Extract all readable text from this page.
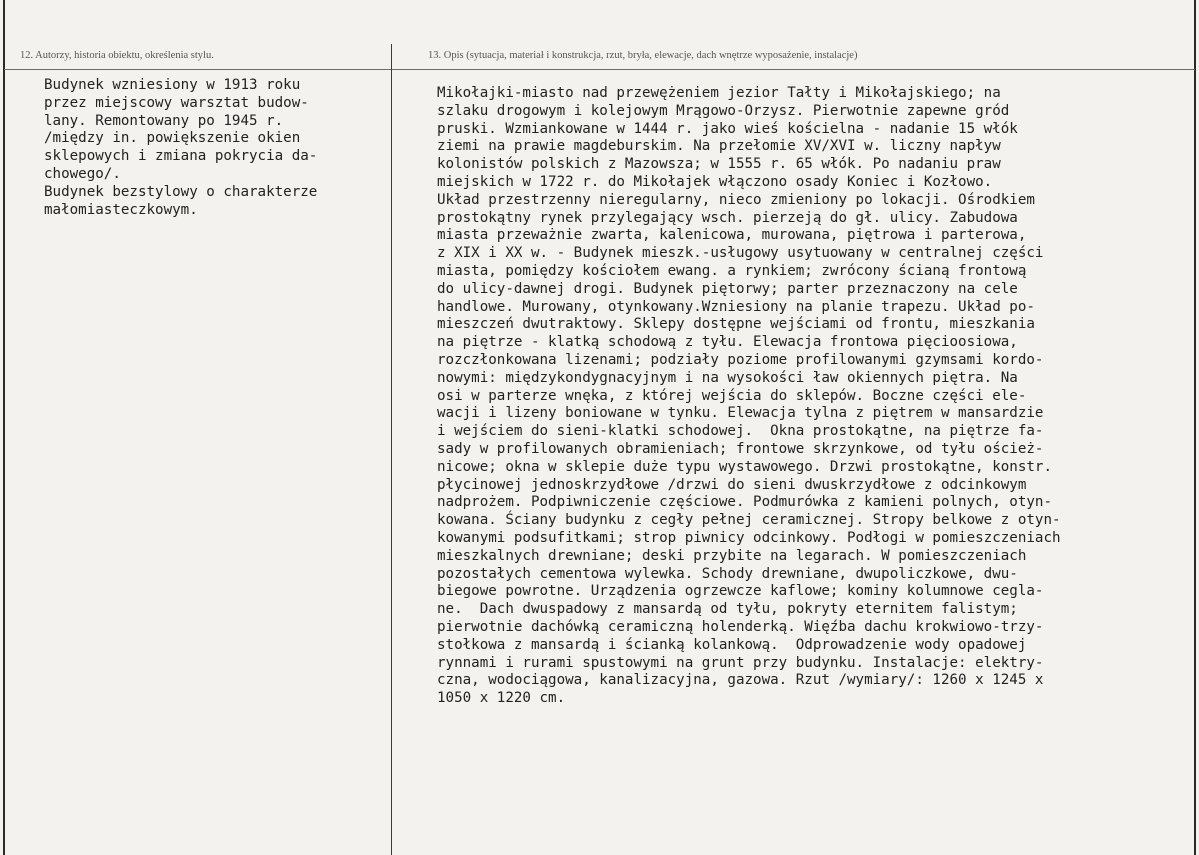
12. Autorzy, historia obiektu, określenia stylu.	13. Opis (sytuacja, materiał i konstrukcja, rzut, bryła, elewacje, dach wnętrze wyposażenie, instalacje)

Budynek wzniesiony w 1913 roku
przez miejscowy warsztat budow-
lany. Remontowany po 1945 r.
/między in. powiększenie okien
sklepowych i zmiana pokrycia da-
chowego/.
Budynek bezstylowy o charakterze
małomiasteczkowym.
Mikołajki-miasto nad przewężeniem jezior Tałty i Mikołajskiego; na
szlaku drogowym i kolejowym Mrągowo-Orzysz. Pierwotnie zapewne gród
pruski. Wzmiankowane w 1444 r. jako wieś kościelna - nadanie 15 włók
ziemi na prawie magdeburskim. Na przełomie XV/XVI w. liczny napływ
kolonistów polskich z Mazowsza; w 1555 r. 65 włók. Po nadaniu praw
miejskich w 1722 r. do Mikołajek włączono osady Koniec i Kozłowo.
Układ przestrzenny nieregularny, nieco zmieniony po lokacji. Ośrodkiem
prostokątny rynek przylegający wsch. pierzeją do gł. ulicy. Zabudowa
miasta przeważnie zwarta, kalenicowa, murowana, piętrowa i parterowa,
z XIX i XX w. - Budynek mieszk.-usługowy usytuowany w centralnej części
miasta, pomiędzy kościołem ewang. a rynkiem; zwrócony ścianą frontową
do ulicy-dawnej drogi. Budynek piętorwy; parter przeznaczony na cele
handlowe. Murowany, otynkowany.Wzniesiony na planie trapezu. Układ po-
mieszczeń dwutraktowy. Sklepy dostępne wejściami od frontu, mieszkania
na piętrze - klatką schodową z tyłu. Elewacja frontowa pięcioosiowa,
rozczłonkowana lizenami; podziały poziome profilowanymi gzymsami kordo-
nowymi: międzykondygnacyjnym i na wysokości ław okiennych piętra. Na
osi w parterze wnęka, z której wejścia do sklepów. Boczne części ele-
wacji i lizeny boniowane w tynku. Elewacja tylna z piętrem w mansardzie
i wejściem do sieni-klatki schodowej.  Okna prostokątne, na piętrze fa-
sady w profilowanych obramieniach; frontowe skrzynkowe, od tyłu oścież-
nicowe; okna w sklepie duże typu wystawowego. Drzwi prostokątne, konstr.
płycinowej jednoskrzydłowe /drzwi do sieni dwuskrzydłowe z odcinkowym
nadprożem. Podpiwniczenie częściowe. Podmurówka z kamieni polnych, otyn-
kowana. Ściany budynku z cegły pełnej ceramicznej. Stropy belkowe z otyn-
kowanymi podsufitkami; strop piwnicy odcinkowy. Podłogi w pomieszczeniach
mieszkalnych drewniane; deski przybite na legarach. W pomieszczeniach
pozostałych cementowa wylewka. Schody drewniane, dwupoliczkowe, dwu-
biegowe powrotne. Urządzenia ogrzewcze kaflowe; kominy kolumnowe cegla-
ne.  Dach dwuspadowy z mansardą od tyłu, pokryty eternitem falistym;
pierwotnie dachówką ceramiczną holenderką. Więźba dachu krokwiowo-trzy-
stołkowa z mansardą i ścianką kolankową.  Odprowadzenie wody opadowej
rynnami i rurami spustowymi na grunt przy budynku. Instalacje: elektry-
czna, wodociągowa, kanalizacyjna, gazowa. Rzut /wymiary/: 1260 x 1245 x
1050 x 1220 cm.
